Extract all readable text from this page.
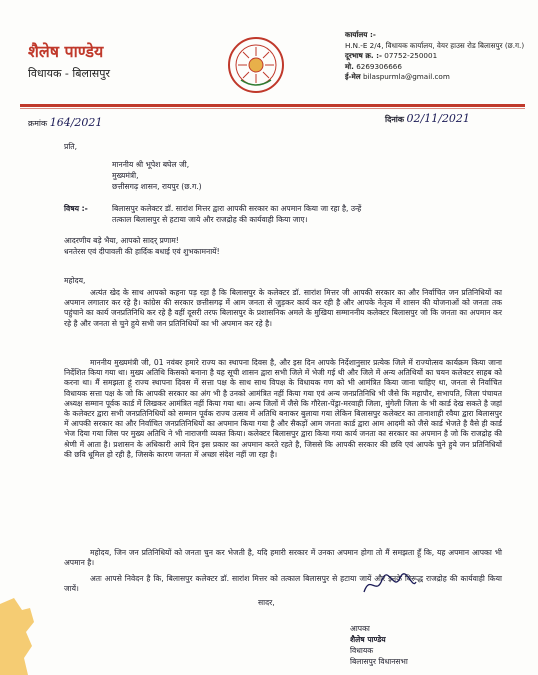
शैलेष पाण्डेय
विधायक - बिलासपुर
कार्यालय :-
H.N.-E 2/4, विधायक कार्यालय, वेयर हाउस रोड बिलासपुर (छ.ग.)
दूरभाष क्र. :- 07752-250001
मो. 6269306666
ई-मेल bilaspurmla@gmail.com
क्रमांक 164/2021	दिनांक 02/11/2021
प्रति,
माननीय श्री भूपेश बघेल जी,
मुख्यमंत्री,
छत्तीसगढ़ शासन, रायपुर (छ.ग.)
विषय :-	बिलासपुर कलेक्टर डॉ. सारांश मित्तर द्वारा आपकी सरकार का अपमान किया जा रहा है, उन्हें
तत्काल बिलासपुर से हटाया जाये और राजद्रोह की कार्यवाही किया जाए।
आदरणीय बड़े भैया, आपको सादर् प्रणाम!
धनतेरस एवं दीपावली की हार्दिक बधाई एवं शुभकामनायें!
महोदय,
अत्यंत खेद के साथ आपको कहना पड़ रहा है कि बिलासपुर के कलेक्टर डॉ. सारांश मित्तर जी आपकी सरकार का और निर्वाचित जन प्रतिनिधियों का अपमान लगातार कर रहे है। कांग्रेस की सरकार छत्तीसगढ़ में आम जनता से जुड़कर कार्य कर रही है और आपके नेतृत्व में शासन की योजनाओं को जनता तक पहुंचाने का कार्य जनप्रतिनिधि कर रहे है वहीं दूसरी तरफ बिलासपुर के प्रशासनिक अमले के मुखिया सम्माननीय कलेक्टर बिलासपुर जो कि जनता का अपमान कर रहे है और जनता से चुने हुये सभी जन प्रतिनिधियों का भी अपमान कर रहे है।
माननीय मुख्यमंत्री जी, 01 नवंबर हमारे राज्य का स्थापना दिवस है, और इस दिन आपके निर्देशानुसार प्रत्येक जिले में राज्योत्सव कार्यक्रम किया जाना निर्देशित किया गया था। मुख्य अतिथि किसको बनाना है यह सूची शासन द्वारा सभी जिले में भेजी गई थी और जिले में अन्य अतिथियों का चयन कलेक्टर साहब को करना था। मैं समझता हूं राज्य स्थापना दिवस में सत्ता पक्ष के साथ साथ विपक्ष के विधायक गण को भी आमंत्रित किया जाना चाहिए था, जनता से निर्वाचित विधायक सत्ता पक्ष के जो कि आपकी सरकार का अंग भी है उनको आमंत्रित नहीं किया गया एवं अन्य जनप्रतिनिधि भी जैसे कि महापौर, सभापति, जिला पंचायत अध्यक्ष सम्मान पूर्वक कार्ड में लिखकर आमंत्रित नहीं किया गया था। अन्य जिलों में जैसे कि गौरेला-पेंड्रा-मरवाही जिला, मुंगेली जिला के भी कार्ड देख सकते है जहां के कलेक्टर द्वारा सभी जनप्रतिनिधियों को सम्मान पूर्वक राज्य उत्सव में अतिथि बनाकर बुलाया गया लेकिन बिलासपुर कलेक्टर का तानाशाही रवैया द्वारा बिलासपुर में आपकी सरकार का और निर्वाचित जनप्रतिनिधियों का अपमान किया गया है और सैकड़ों आम जनता कार्ड द्वारा आम आदमी को जैसे कार्ड भेजते है वैसे ही कार्ड भेज दिया गया जिस पर मुख्य अतिथि ने भी नाराजगी व्यक्त किया। कलेक्टर बिलासपुर द्वारा किया गया कार्य जनता का सरकार का अपमान है जो कि राजद्रोह की श्रेणी में आता है। प्रशासन के अधिकारी आये दिन इस प्रकार का अपमान करते रहते है, जिससे कि आपकी सरकार की छवि एवं आपके चुने हुये जन प्रतिनिधियों की छवि धूमिल हो रही है, जिसके कारण जनता में अच्छा संदेश नहीं जा रहा है।
महोदय, जिन जन प्रतिनिधियों को जनता चुन कर भेजती है, यदि हमारी सरकार में उनका अपमान होगा तो मैं समझता हूँ कि, यह अपमान आपका भी अपमान है।
अतः आपसे निवेदन है कि, बिलासपुर कलेक्टर डॉ. सारांश मित्तर को तत्काल बिलासपुर से हटाया जायें और इनके विरूद्ध राजद्रोह की कार्यवाही किया जायें।
सादर,
आपका
शैलेष पाण्डेय
विधायक
बिलासपुर विधानसभा
